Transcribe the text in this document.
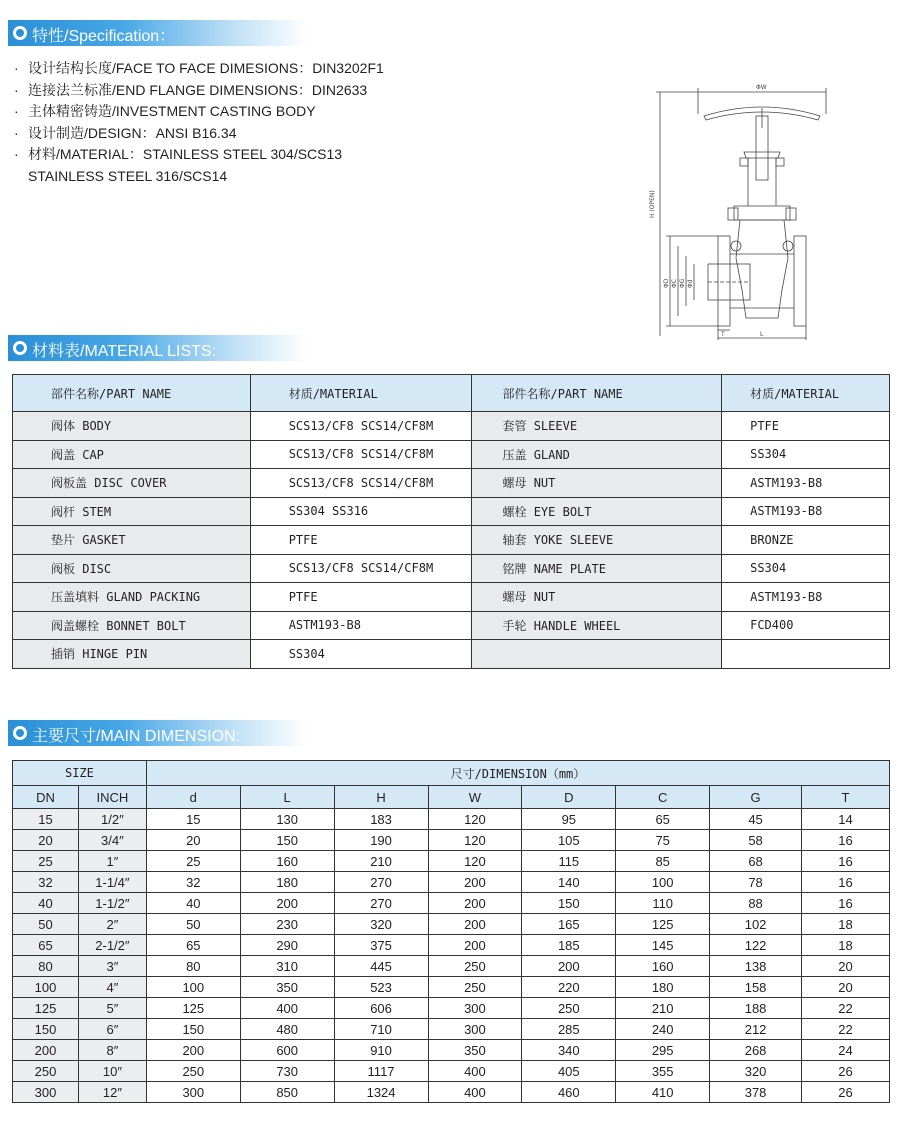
特性/Specification：
· 设计结构长度/FACE TO FACE DIMESIONS：DIN3202F1
· 连接法兰标准/END FLANGE DIMENSIONS：DIN2633
· 主体精密铸造/INVESTMENT CASTING BODY
· 设计制造/DESIGN：ANSI B16.34
· 材料/MATERIAL：STAINLESS STEEL 304/SCS13
STAINLESS STEEL 316/SCS14
ΦW
H (OPEN)
ΦD ΦC ΦG Φd
T	L
材料表/MATERIAL LISTS:
部件名称/PART NAME	材质/MATERIAL	部件名称/PART NAME	材质/MATERIAL
阀体 BODY	SCS13/CF8 SCS14/CF8M	套管 SLEEVE	PTFE
阀盖 CAP	SCS13/CF8 SCS14/CF8M	压盖 GLAND	SS304
阀板盖 DISC COVER	SCS13/CF8 SCS14/CF8M	螺母 NUT	ASTM193-B8
阀杆 STEM	SS304 SS316	螺栓 EYE BOLT	ASTM193-B8
垫片 GASKET	PTFE	轴套 YOKE SLEEVE	BRONZE
阀板 DISC	SCS13/CF8 SCS14/CF8M	铭牌 NAME PLATE	SS304
压盖填料 GLAND PACKING	PTFE	螺母 NUT	ASTM193-B8
阀盖螺栓 BONNET BOLT	ASTM193-B8	手轮 HANDLE WHEEL	FCD400
插销 HINGE PIN	SS304		
主要尺寸/MAIN DIMENSION:
SIZE		尺寸/DIMENSION（mm）							
DN	INCH	d	L	H	W	D	C	G	T
15	1/2″	15	130	183	120	95	65	45	14
20	3/4″	20	150	190	120	105	75	58	16
25	1″	25	160	210	120	115	85	68	16
32	1-1/4″	32	180	270	200	140	100	78	16
40	1-1/2″	40	200	270	200	150	110	88	16
50	2″	50	230	320	200	165	125	102	18
65	2-1/2″	65	290	375	200	185	145	122	18
80	3″	80	310	445	250	200	160	138	20
100	4″	100	350	523	250	220	180	158	20
125	5″	125	400	606	300	250	210	188	22
150	6″	150	480	710	300	285	240	212	22
200	8″	200	600	910	350	340	295	268	24
250	10″	250	730	1117	400	405	355	320	26
300	12″	300	850	1324	400	460	410	378	26
